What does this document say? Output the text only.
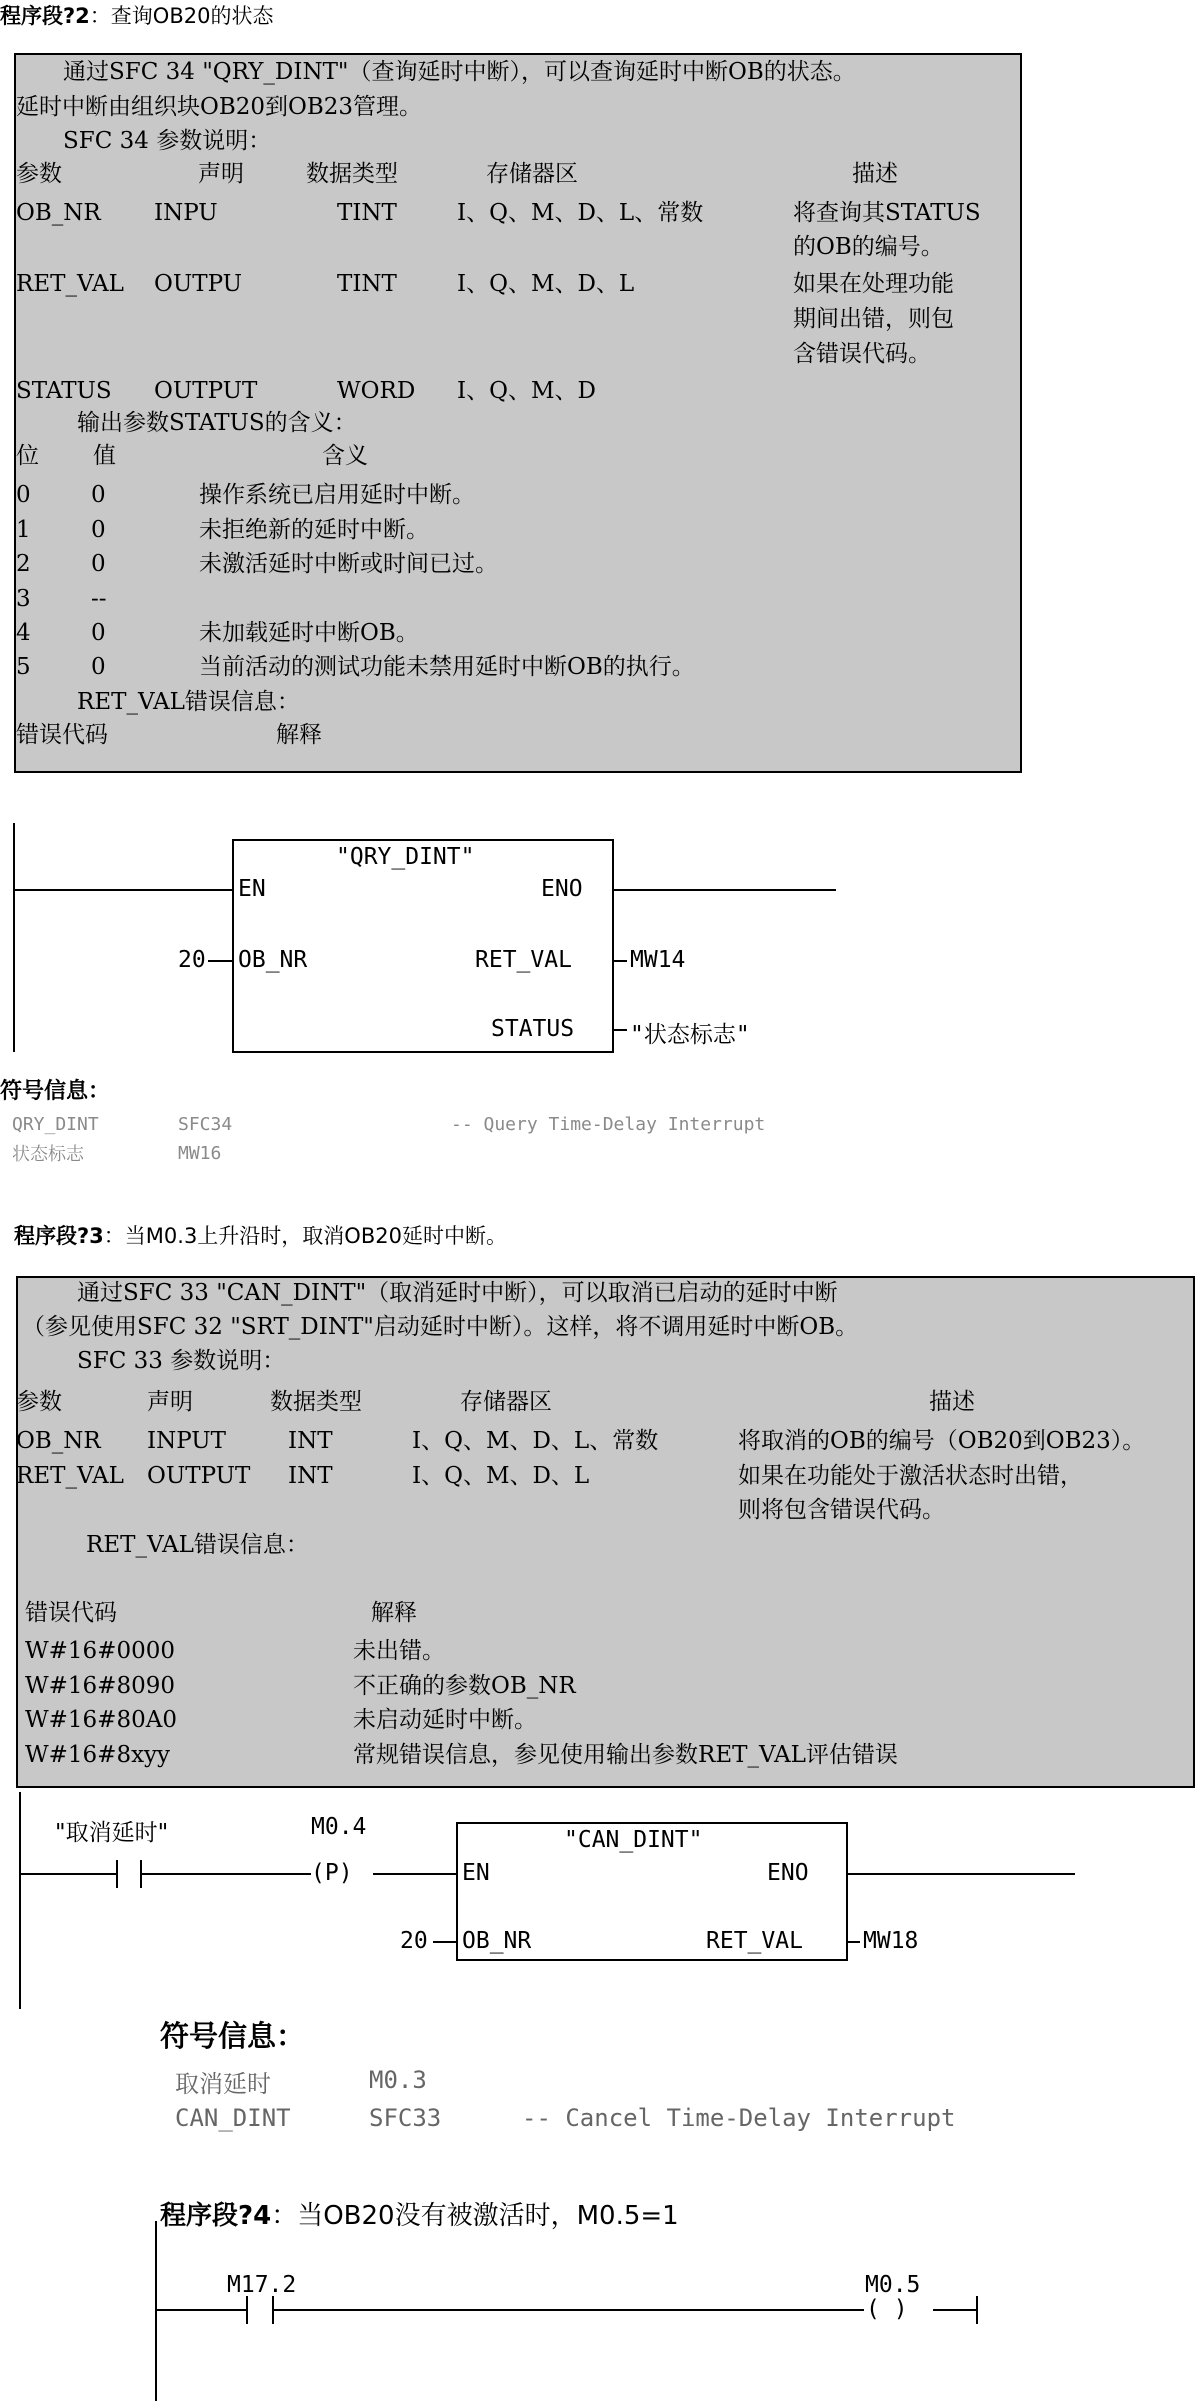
程序段?2：查询OB20的状态
通过SFC 34 "QRY_DINT"（查询延时中断），可以查询延时中断OB的状态。
延时中断由组织块OB20到OB23管理。
SFC 34 参数说明：
参数	声明	数据类型	存储器区	描述
OB_NR INPU	TINT	I、Q、M、D、L、常数	将查询其STATUS
的OB的编号。
RET_VAL OUTPU	TINT	I、Q、M、D、L	如果在处理功能
期间出错，则包
含错误代码。
STATUS OUTPUT	WORD I、Q、M、D
输出参数STATUS的含义：
位 值	含义
0	0	操作系统已启用延时中断。
1	0	未拒绝新的延时中断。
2	0	未激活延时中断或时间已过。
3	--
4	0	未加载延时中断OB。
5	0	当前活动的测试功能未禁用延时中断OB的执行。
RET_VAL错误信息：
错误代码	解释
"QRY_DINT"
EN	ENO
20 OB_NR	RET_VAL	MW14
STATUS "状态标志"
符号信息：
QRY_DINT	SFC34	-- Query Time-Delay Interrupt
状态标志	MW16
程序段?3：当M0.3上升沿时，取消OB20延时中断。
通过SFC 33 "CAN_DINT"（取消延时中断），可以取消已启动的延时中断
（参见使用SFC 32 "SRT_DINT"启动延时中断）。这样，将不调用延时中断OB。
SFC 33 参数说明：
参数	声明	数据类型	存储器区	描述
OB_NR INPUT	INT	I、Q、M、D、L、常数	将取消的OB的编号（OB20到OB23）。
RET_VAL OUTPUT INT	I、Q、M、D、L	如果在功能处于激活状态时出错，
则将包含错误代码。
RET_VAL错误信息：
错误代码	解释
W#16#0000	未出错。
W#16#8090	不正确的参数OB_NR
W#16#80A0	未启动延时中断。
W#16#8xyy	常规错误信息，参见使用输出参数RET_VAL评估错误
"取消延时"	M0.4
(P)
"CAN_DINT"
EN	ENO
20 OB_NR	RET_VAL	MW18
符号信息：
取消延时	M0.3
CAN_DINT	SFC33	-- Cancel Time-Delay Interrupt
程序段?4：当OB20没有被激活时，M0.5=1
M17.2	M0.5
( )
